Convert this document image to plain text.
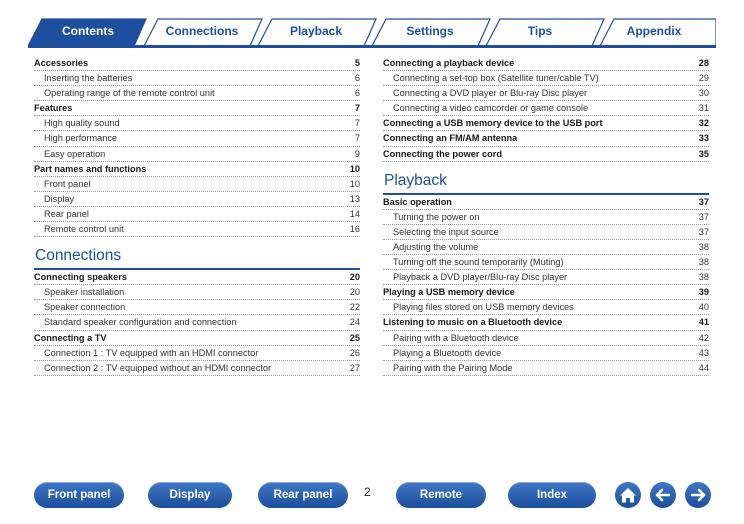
Contents	Connections	Playback	Settings	Tips	Appendix
Accessories	5
Inserting the batteries	6
Operating range of the remote control unit	6
Features	7
High quality sound	7
High performance	7
Easy operation	9
Part names and functions	10
Front panel	10
Display	13
Rear panel	14
Remote control unit	16
Connections
Connecting speakers	20
Speaker installation	20
Speaker connection	22
Standard speaker configuration and connection	24
Connecting a TV	25
Connection 1 : TV equipped with an HDMI connector	26
Connection 2 : TV equipped without an HDMI connector	27
Connecting a playback device	28
Connecting a set-top box (Satellite tuner/cable TV)	29
Connecting a DVD player or Blu-ray Disc player	30
Connecting a video camcorder or game console	31
Connecting a USB memory device to the USB port	32
Connecting an FM/AM antenna	33
Connecting the power cord	35
Playback
Basic operation	37
Turning the power on	37
Selecting the input source	37
Adjusting the volume	38
Turning off the sound temporarily (Muting)	38
Playback a DVD player/Blu-ray Disc player	38
Playing a USB memory device	39
Playing files stored on USB memory devices	40
Listening to music on a Bluetooth device	41
Pairing with a Bluetooth device	42
Playing a Bluetooth device	43
Pairing with the Pairing Mode	44
Front panel	Display	Rear panel	2	Remote	Index
